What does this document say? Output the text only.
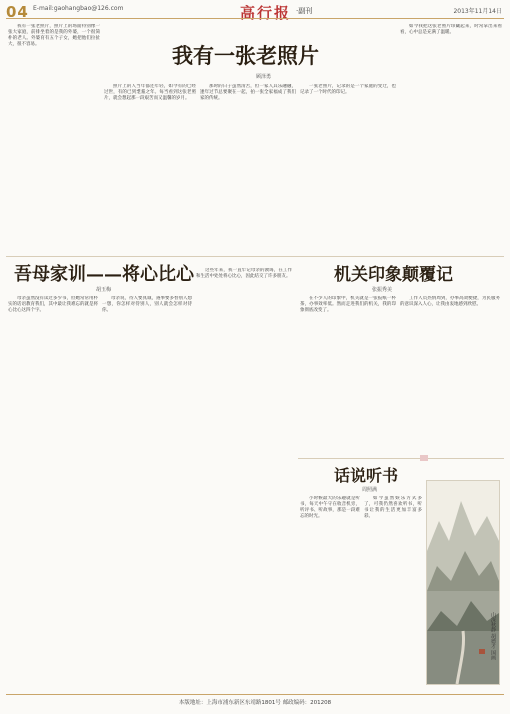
04 E-mail:gaohangbao@126.com	高行报 ·副刊	2013年11月14日
我有一张老照片
顾泽勇

我有一张老照片，照片上的场面特别像一张大家庭，前排坐着的是我的外婆，一个很简朴的老人。外婆育有五个子女，她把他们拉扯大，很不容易。

照片上的人当年都还年轻，如今有的已经过世，有的已到耄耋之年。每当看到这张老照片，就会想起那一段艰苦而又温馨的岁月。

那时的日子虽然清苦，但一家人其乐融融，逢年过节总要聚在一起，拍一张全家福成了我们家的传统。

一张老照片，记录的是一个家庭的变迁，也记录了一个时代的印记。

如今我把这张老照片珍藏起来，时常拿出来看看，心中总是充满了温暖。

吾母家训——将心比心
胡玉梅

母亲虽然没有读过多少书，但她常常用朴实的话语教育我们，其中最让我难忘的就是将心比心这四个字。

母亲说，待人要真诚，遇事要多替别人想一想，你怎样对待别人，别人就会怎样对待你。

这些年来，我一直牢记母亲的教诲，在工作和生活中处处将心比心，因此结交了许多朋友。	机关印象颠覆记
张振秀美

在不少人的印象中，机关就是一张报纸一杯茶，办事效率低。然而走进我们的机关，我的印象彻底改变了。

工作人员热情周到，办事高效便捷，为民服务的意识深入人心，让我由衷地感到欣慰。

话说听书
周照满

小时候最大的乐趣就是听书，每天中午守在收音机旁，听评书、听故事，那是一段难忘的时光。

如今虽然娱乐方式多了，可我仍然喜欢听书，听书让我的生活更加丰富多彩。

山深秋静 胡德才 国画
本版地址：上海市浦东新区东靖路1801号 邮政编码：201208
